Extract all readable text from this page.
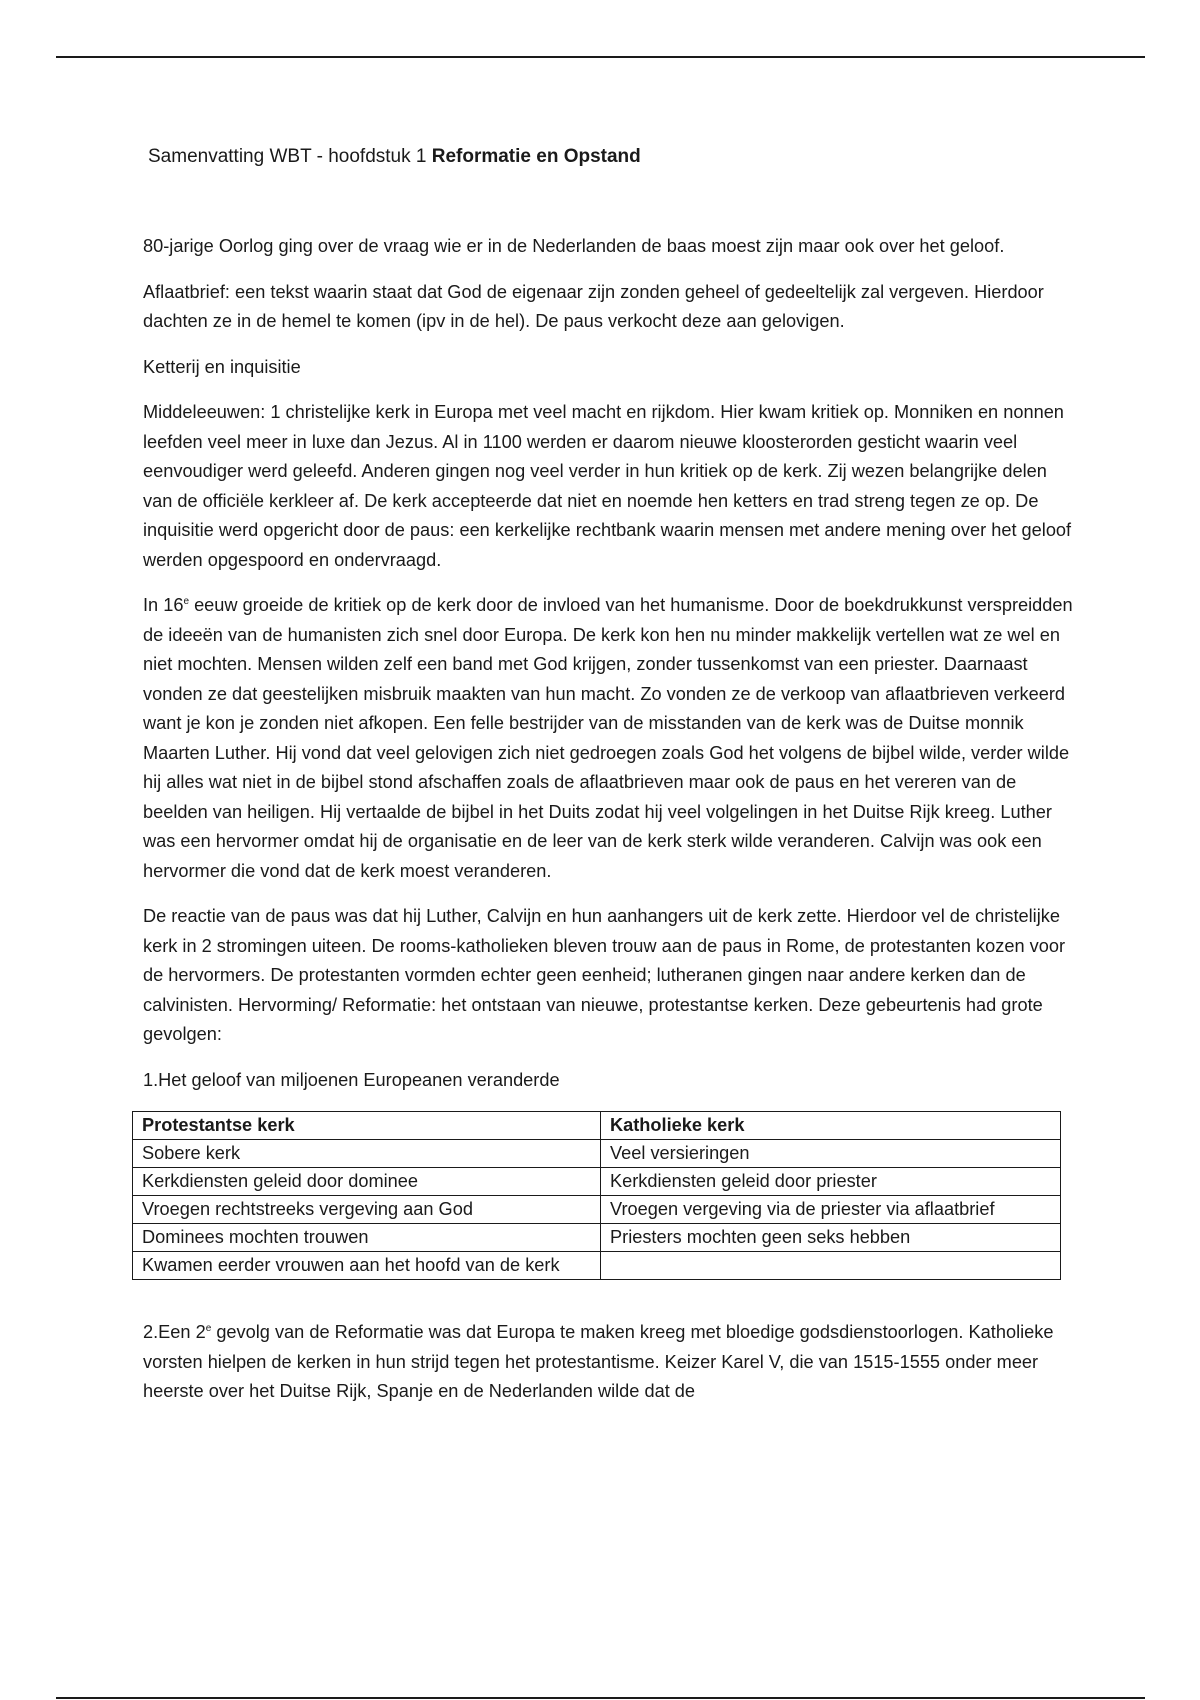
Samenvatting WBT - hoofdstuk 1 Reformatie en Opstand

80-jarige Oorlog ging over de vraag wie er in de Nederlanden de baas moest zijn maar ook over het geloof.

Aflaatbrief: een tekst waarin staat dat God de eigenaar zijn zonden geheel of gedeeltelijk zal vergeven. Hierdoor dachten ze in de hemel te komen (ipv in de hel). De paus verkocht deze aan gelovigen.

Ketterij en inquisitie

Middeleeuwen: 1 christelijke kerk in Europa met veel macht en rijkdom. Hier kwam kritiek op. Monniken en nonnen leefden veel meer in luxe dan Jezus. Al in 1100 werden er daarom nieuwe kloosterorden gesticht waarin veel eenvoudiger werd geleefd. Anderen gingen nog veel verder in hun kritiek op de kerk. Zij wezen belangrijke delen van de officiële kerkleer af. De kerk accepteerde dat niet en noemde hen ketters en trad streng tegen ze op. De inquisitie werd opgericht door de paus: een kerkelijke rechtbank waarin mensen met andere mening over het geloof werden opgespoord en ondervraagd.

In 16e eeuw groeide de kritiek op de kerk door de invloed van het humanisme. Door de boekdrukkunst verspreidden de ideeën van de humanisten zich snel door Europa. De kerk kon hen nu minder makkelijk vertellen wat ze wel en niet mochten. Mensen wilden zelf een band met God krijgen, zonder tussenkomst van een priester. Daarnaast vonden ze dat geestelijken misbruik maakten van hun macht. Zo vonden ze de verkoop van aflaatbrieven verkeerd want je kon je zonden niet afkopen. Een felle bestrijder van de misstanden van de kerk was de Duitse monnik Maarten Luther. Hij vond dat veel gelovigen zich niet gedroegen zoals God het volgens de bijbel wilde, verder wilde hij alles wat niet in de bijbel stond afschaffen zoals de aflaatbrieven maar ook de paus en het vereren van de beelden van heiligen. Hij vertaalde de bijbel in het Duits zodat hij veel volgelingen in het Duitse Rijk kreeg. Luther was een hervormer omdat hij de organisatie en de leer van de kerk sterk wilde veranderen. Calvijn was ook een hervormer die vond dat de kerk moest veranderen.

De reactie van de paus was dat hij Luther, Calvijn en hun aanhangers uit de kerk zette. Hierdoor vel de christelijke kerk in 2 stromingen uiteen. De rooms-katholieken bleven trouw aan de paus in Rome, de protestanten kozen voor de hervormers. De protestanten vormden echter geen eenheid; lutheranen gingen naar andere kerken dan de calvinisten. Hervorming/ Reformatie: het ontstaan van nieuwe, protestantse kerken. Deze gebeurtenis had grote gevolgen:

1.Het geloof van miljoenen Europeanen veranderde

Protestantse kerk	Katholieke kerk
Sobere kerk	Veel versieringen
Kerkdiensten geleid door dominee	Kerkdiensten geleid door priester
Vroegen rechtstreeks vergeving aan God	Vroegen vergeving via de priester via aflaatbrief
Dominees mochten trouwen	Priesters mochten geen seks hebben
Kwamen eerder vrouwen aan het hoofd van de kerk	

2.Een 2e gevolg van de Reformatie was dat Europa te maken kreeg met bloedige godsdienstoorlogen. Katholieke vorsten hielpen de kerken in hun strijd tegen het protestantisme. Keizer Karel V, die van 1515-1555 onder meer heerste over het Duitse Rijk, Spanje en de Nederlanden wilde dat de
